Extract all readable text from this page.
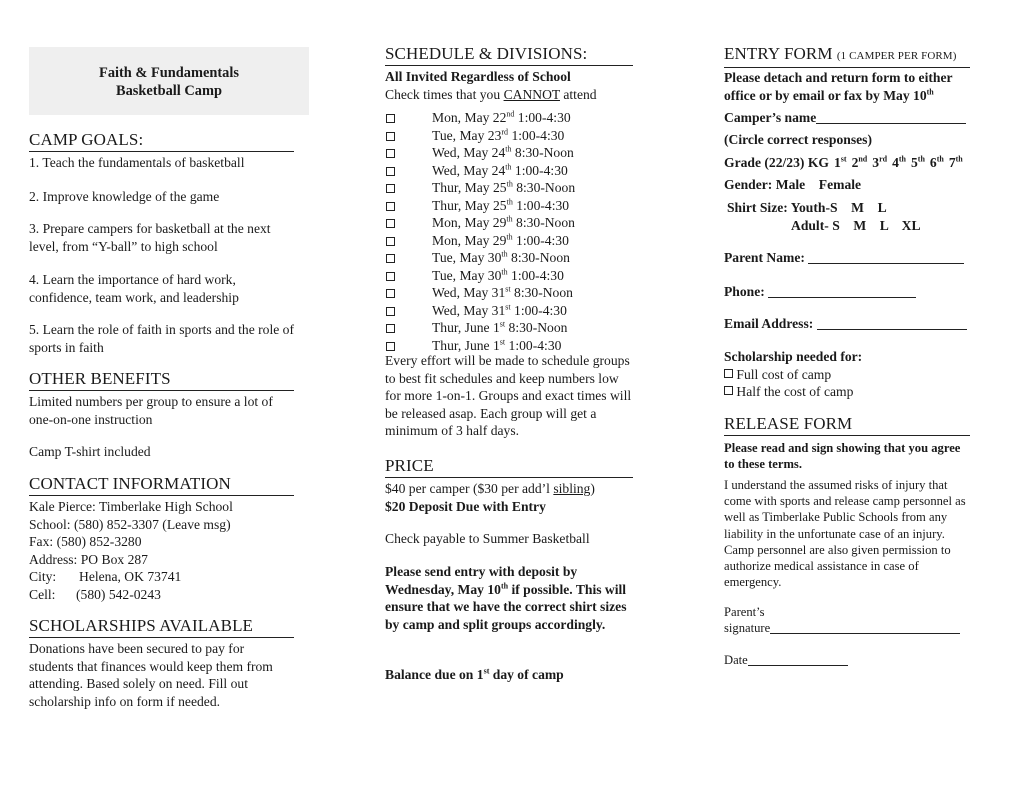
Faith & Fundamentals
Basketball Camp
CAMP GOALS:

1. Teach the fundamentals of basketball

2. Improve knowledge of the game

3. Prepare campers for basketball at the next level, from “Y-ball” to high school

4. Learn the importance of hard work, confidence, team work, and leadership

5. Learn the role of faith in sports and the role of sports in faith

OTHER BENEFITS

Limited numbers per group to ensure a lot of one-on-one instruction

Camp T-shirt included

CONTACT INFORMATION

Kale Pierce: Timberlake High School

School: (580) 852-3307 (Leave msg)

Fax: (580) 852-3280

Address: PO Box 287

City: Helena, OK 73741

Cell: (580) 542-0243

SCHOLARSHIPS AVAILABLE

Donations have been secured to pay for students that finances would keep them from attending. Based solely on need. Fill out scholarship info on form if needed.

SCHEDULE & DIVISIONS:

All Invited Regardless of School

Check times that you CANNOT attend

Mon, May 22nd 1:00-4:30
Tue, May 23rd 1:00-4:30
Wed, May 24th 8:30-Noon
Wed, May 24th 1:00-4:30
Thur, May 25th 8:30-Noon
Thur, May 25th 1:00-4:30
Mon, May 29th 8:30-Noon
Mon, May 29th 1:00-4:30
Tue, May 30th 8:30-Noon
Tue, May 30th 1:00-4:30
Wed, May 31st 8:30-Noon
Wed, May 31st 1:00-4:30
Thur, June 1st 8:30-Noon
Thur, June 1st 1:00-4:30

Every effort will be made to schedule groups to best fit schedules and keep numbers low for more 1-on-1. Groups and exact times will be released asap. Each group will get a minimum of 3 half days.

PRICE

$40 per camper ($30 per add’l sibling)

$20 Deposit Due with Entry

Check payable to Summer Basketball

Please send entry with deposit by Wednesday, May 10th if possible. This will ensure that we have the correct shirt sizes by camp and split groups accordingly.

Balance due on 1st day of camp

ENTRY FORM (1 CAMPER PER FORM)

Please detach and return form to either office or by email or fax by May 10th

Camper’s name

(Circle correct responses)

Grade (22/23) KG 1st 2nd 3rd 4th 5th 6th 7th

Gender: Male Female

Shirt Size: Youth-S    M    L

Adult- S    M    L    XL

Parent Name:

Phone:

Email Address:

Scholarship needed for:

Full cost of camp

Half the cost of camp

RELEASE FORM

Please read and sign showing that you agree to these terms.

I understand the assumed risks of injury that come with sports and release camp personnel as well as Timberlake Public Schools from any liability in the unfortunate case of an injury. Camp personnel are also given permission to authorize medical assistance in case of emergency.

Parent’s

signature

Date
